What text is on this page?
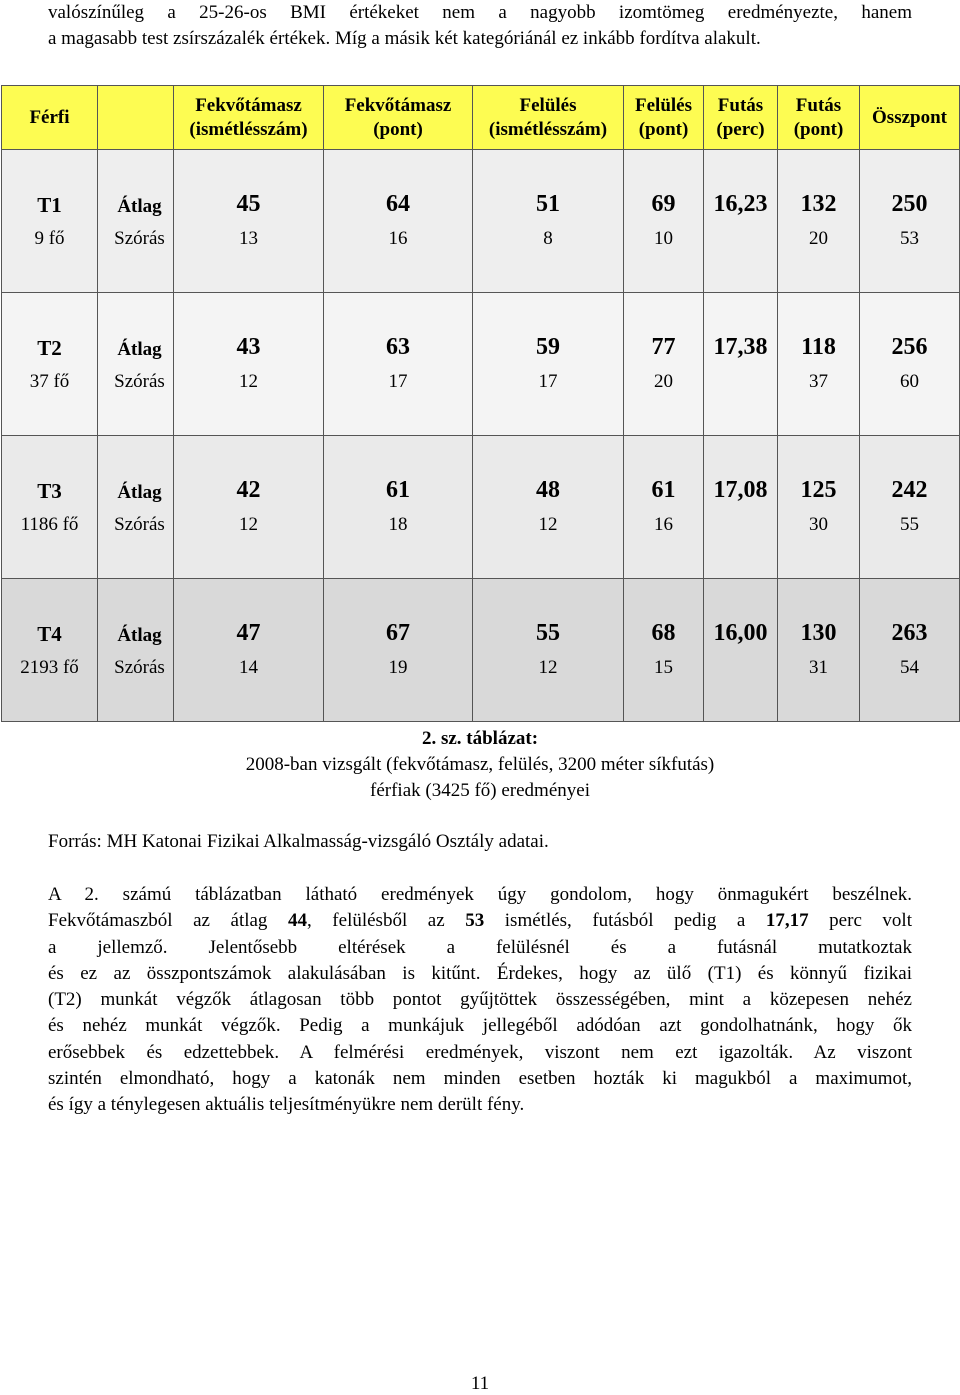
valószínűleg a 25-26-os BMI értékeket nem a nagyobb izomtömeg eredményezte, hanem
a magasabb test zsírszázalék értékek. Míg a másik két kategóriánál ez inkább fordítva alakult.
Férfi		Fekvőtámasz (ismétlésszám)	Fekvőtámasz (pont)	Felülés (ismétlésszám)	Felülés (pont)	Futás (perc)	Futás (pont)	Összpont
T1	Átlag	45	64	51	69	16,23	132	250
9 fő	Szórás	13	16	8	10		20	53
T2	Átlag	43	63	59	77	17,38	118	256
37 fő	Szórás	12	17	17	20		37	60
T3	Átlag	42	61	48	61	17,08	125	242
1186 fő	Szórás	12	18	12	16		30	55
T4	Átlag	47	67	55	68	16,00	130	263
2193 fő	Szórás	14	19	12	15		31	54
2. sz. táblázat:
2008-ban vizsgált (fekvőtámasz, felülés, 3200 méter síkfutás)
férfiak (3425 fő) eredményei
Forrás: MH Katonai Fizikai Alkalmasság-vizsgáló Osztály adatai.
A 2. számú táblázatban látható eredmények úgy gondolom, hogy önmagukért beszélnek.
Fekvőtámaszból az átlag 44, felülésből az 53 ismétlés, futásból pedig a 17,17 perc volt
a jellemző. Jelentősebb eltérések a felülésnél és a futásnál mutatkoztak
és ez az összpontszámok alakulásában is kitűnt. Érdekes, hogy az ülő (T1) és könnyű fizikai
(T2) munkát végzők átlagosan több pontot gyűjtöttek összességében, mint a közepesen nehéz
és nehéz munkát végzők. Pedig a munkájuk jellegéből adódóan azt gondolhatnánk, hogy ők
erősebbek és edzettebbek. A felmérési eredmények, viszont nem ezt igazolták. Az viszont
szintén elmondható, hogy a katonák nem minden esetben hozták ki magukból a maximumot,
és így a ténylegesen aktuális teljesítményükre nem derült fény.
11
